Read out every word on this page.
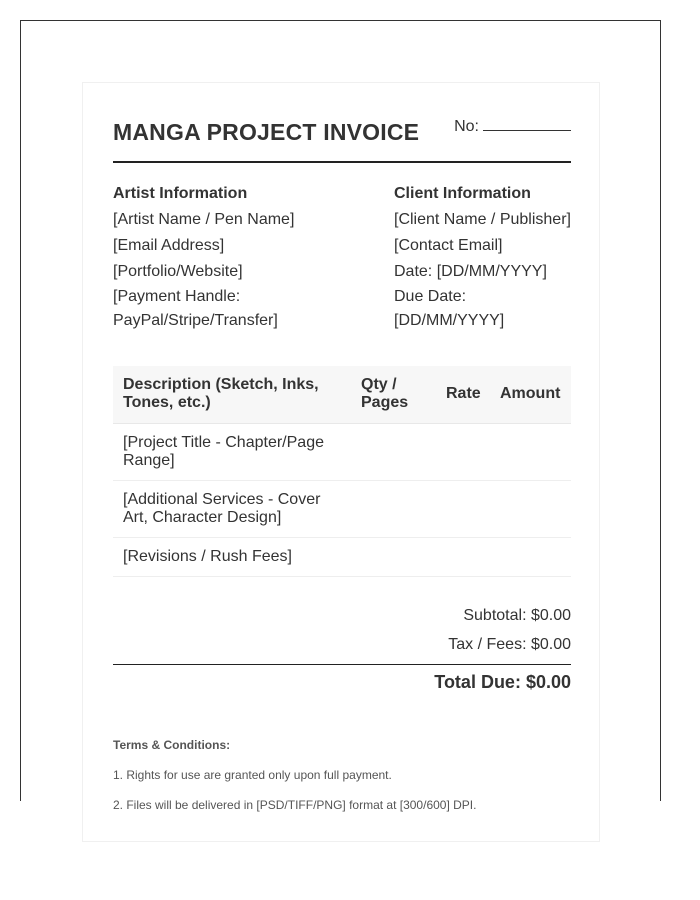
MANGA PROJECT INVOICE No:
Artist Information
[Artist Name / Pen Name]
[Email Address]
[Portfolio/Website]
[Payment Handle: PayPal/Stripe/Transfer]
Client Information
[Client Name / Publisher]
[Contact Email]
Date: [DD/MM/YYYY]
Due Date: [DD/MM/YYYY]
Description (Sketch, Inks, Tones, etc.)
Qty / Pages
Rate Amount
[Project Title - Chapter/Page Range]
[Additional Services - Cover Art, Character Design]
[Revisions / Rush Fees]
Subtotal: $0.00
Tax / Fees: $0.00
Total Due: $0.00
Terms & Conditions:
1. Rights for use are granted only upon full payment.
2. Files will be delivered in [PSD/TIFF/PNG] format at [300/600] DPI.
